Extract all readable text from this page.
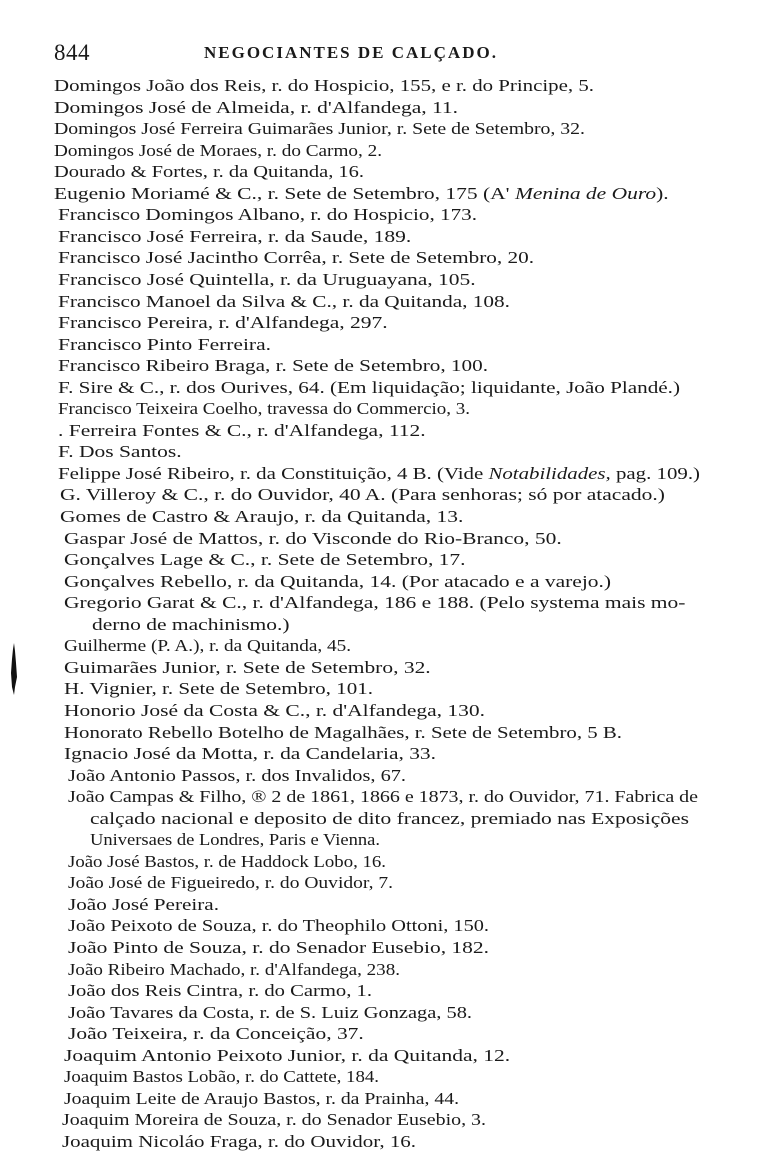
844	NEGOCIANTES DE CALÇADO.
Domingos João dos Reis, r. do Hospicio, 155, e r. do Principe, 5.
Domingos José de Almeida, r. d'Alfandega, 11.
Domingos José Ferreira Guimarães Junior, r. Sete de Setembro, 32.
Domingos José de Moraes, r. do Carmo, 2.
Dourado & Fortes, r. da Quitanda, 16.
Eugenio Moriamé & C., r. Sete de Setembro, 175 (A' Menina de Ouro).
Francisco Domingos Albano, r. do Hospicio, 173.
Francisco José Ferreira, r. da Saude, 189.
Francisco José Jacintho Corrêa, r. Sete de Setembro, 20.
Francisco José Quintella, r. da Uruguayana, 105.
Francisco Manoel da Silva & C., r. da Quitanda, 108.
Francisco Pereira, r. d'Alfandega, 297.
Francisco Pinto Ferreira.
Francisco Ribeiro Braga, r. Sete de Setembro, 100.
F. Sire & C., r. dos Ourives, 64. (Em liquidação; liquidante, João Plandé.)
Francisco Teixeira Coelho, travessa do Commercio, 3.
. Ferreira Fontes & C., r. d'Alfandega, 112.
F. Dos Santos.
Felippe José Ribeiro, r. da Constituição, 4 B. (Vide Notabilidades, pag. 109.)
G. Villeroy & C., r. do Ouvidor, 40 A. (Para senhoras; só por atacado.)
Gomes de Castro & Araujo, r. da Quitanda, 13.
Gaspar José de Mattos, r. do Visconde do Rio-Branco, 50.
Gonçalves Lage & C., r. Sete de Setembro, 17.
Gonçalves Rebello, r. da Quitanda, 14. (Por atacado e a varejo.)
Gregorio Garat & C., r. d'Alfandega, 186 e 188. (Pelo systema mais mo-
derno de machinismo.)
Guilherme (P. A.), r. da Quitanda, 45.
Guimarães Junior, r. Sete de Setembro, 32.
H. Vignier, r. Sete de Setembro, 101.
Honorio José da Costa & C., r. d'Alfandega, 130.
Honorato Rebello Botelho de Magalhães, r. Sete de Setembro, 5 B.
Ignacio José da Motta, r. da Candelaria, 33.
João Antonio Passos, r. dos Invalidos, 67.
João Campas & Filho, ® 2 de 1861, 1866 e 1873, r. do Ouvidor, 71. Fabrica de
calçado nacional e deposito de dito francez, premiado nas Exposições
Universaes de Londres, Paris e Vienna.
João José Bastos, r. de Haddock Lobo, 16.
João José de Figueiredo, r. do Ouvidor, 7.
João José Pereira.
João Peixoto de Souza, r. do Theophilo Ottoni, 150.
João Pinto de Souza, r. do Senador Eusebio, 182.
João Ribeiro Machado, r. d'Alfandega, 238.
João dos Reis Cintra, r. do Carmo, 1.
João Tavares da Costa, r. de S. Luiz Gonzaga, 58.
João Teixeira, r. da Conceição, 37.
Joaquim Antonio Peixoto Junior, r. da Quitanda, 12.
Joaquim Bastos Lobão, r. do Cattete, 184.
Joaquim Leite de Araujo Bastos, r. da Prainha, 44.
Joaquim Moreira de Souza, r. do Senador Eusebio, 3.
Joaquim Nicoláo Fraga, r. do Ouvidor, 16.
